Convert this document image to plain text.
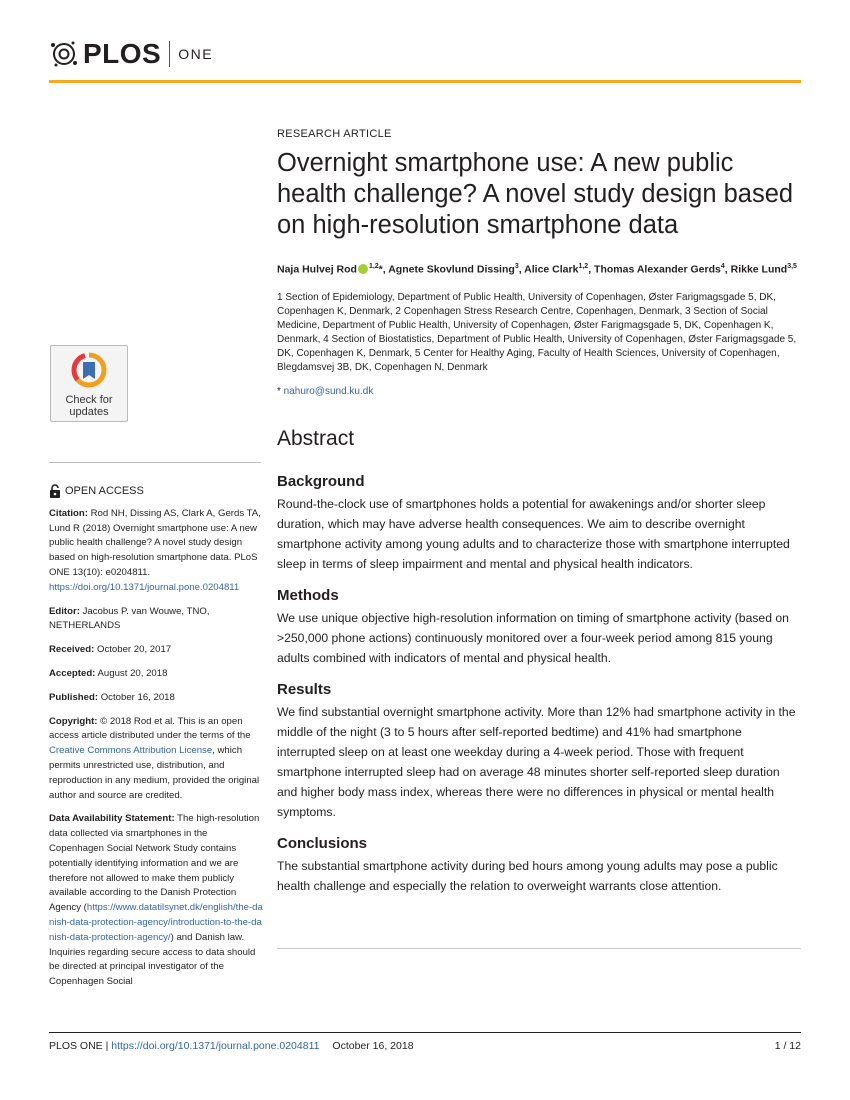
PLOS ONE
Check for
updates

RESEARCH ARTICLE

Overnight smartphone use: A new public health challenge? A novel study design based on high-resolution smartphone data

Naja Hulvej Rod $^{1,2}$*, Agnete Skovlund Dissing$^3$, Alice Clark$^{1,2}$, Thomas Alexander Gerds$^4$, Rikke Lund$^{3,5}$

1 Section of Epidemiology, Department of Public Health, University of Copenhagen, Øster Farigmagsgade 5, DK, Copenhagen K, Denmark, 2 Copenhagen Stress Research Centre, Copenhagen, Denmark, 3 Section of Social Medicine, Department of Public Health, University of Copenhagen, Øster Farigmagsgade 5, DK, Copenhagen K, Denmark, 4 Section of Biostatistics, Department of Public Health, University of Copenhagen, Øster Farigmagsgade 5, DK, Copenhagen K, Denmark, 5 Center for Healthy Aging, Faculty of Health Sciences, University of Copenhagen, Blegdamsvej 3B, DK, Copenhagen N, Denmark

* nahuro@sund.ku.dk

Abstract
Background

Round-the-clock use of smartphones holds a potential for awakenings and/or shorter sleep duration, which may have adverse health consequences. We aim to describe overnight smartphone activity among young adults and to characterize those with smartphone interrupted sleep in terms of sleep impairment and mental and physical health indicators.

Methods

We use unique objective high-resolution information on timing of smartphone activity (based on >250,000 phone actions) continuously monitored over a four-week period among 815 young adults combined with indicators of mental and physical health.

Results

We find substantial overnight smartphone activity. More than 12% had smartphone activity in the middle of the night (3 to 5 hours after self-reported bedtime) and 41% had smartphone interrupted sleep on at least one weekday during a 4-week period. Those with frequent smartphone interrupted sleep had on average 48 minutes shorter self-reported sleep duration and higher body mass index, whereas there were no differences in physical or mental health symptoms.

Conclusions

The substantial smartphone activity during bed hours among young adults may pose a public health challenge and especially the relation to overweight warrants close attention.

OPEN ACCESS

Citation: Rod NH, Dissing AS, Clark A, Gerds TA, Lund R (2018) Overnight smartphone use: A new public health challenge? A novel study design based on high-resolution smartphone data. PLoS ONE 13(10): e0204811. https://doi.org/10.1371/journal.pone.0204811

Editor: Jacobus P. van Wouwe, TNO, NETHERLANDS

Received: October 20, 2017

Accepted: August 20, 2018

Published: October 16, 2018

Copyright: © 2018 Rod et al. This is an open access article distributed under the terms of the Creative Commons Attribution License, which permits unrestricted use, distribution, and reproduction in any medium, provided the original author and source are credited.

Data Availability Statement: The high-resolution data collected via smartphones in the Copenhagen Social Network Study contains potentially identifying information and we are therefore not allowed to make them publicly available according to the Danish Protection Agency (https://www.datatilsynet.dk/english/the-danish-data-protection-agency/introduction-to-the-danish-data-protection-agency/) and Danish law. Inquiries regarding secure access to data should be directed at principal investigator of the Copenhagen Social

PLOS ONE | https://doi.org/10.1371/journal.pone.0204811 October 16, 2018	1 / 12
